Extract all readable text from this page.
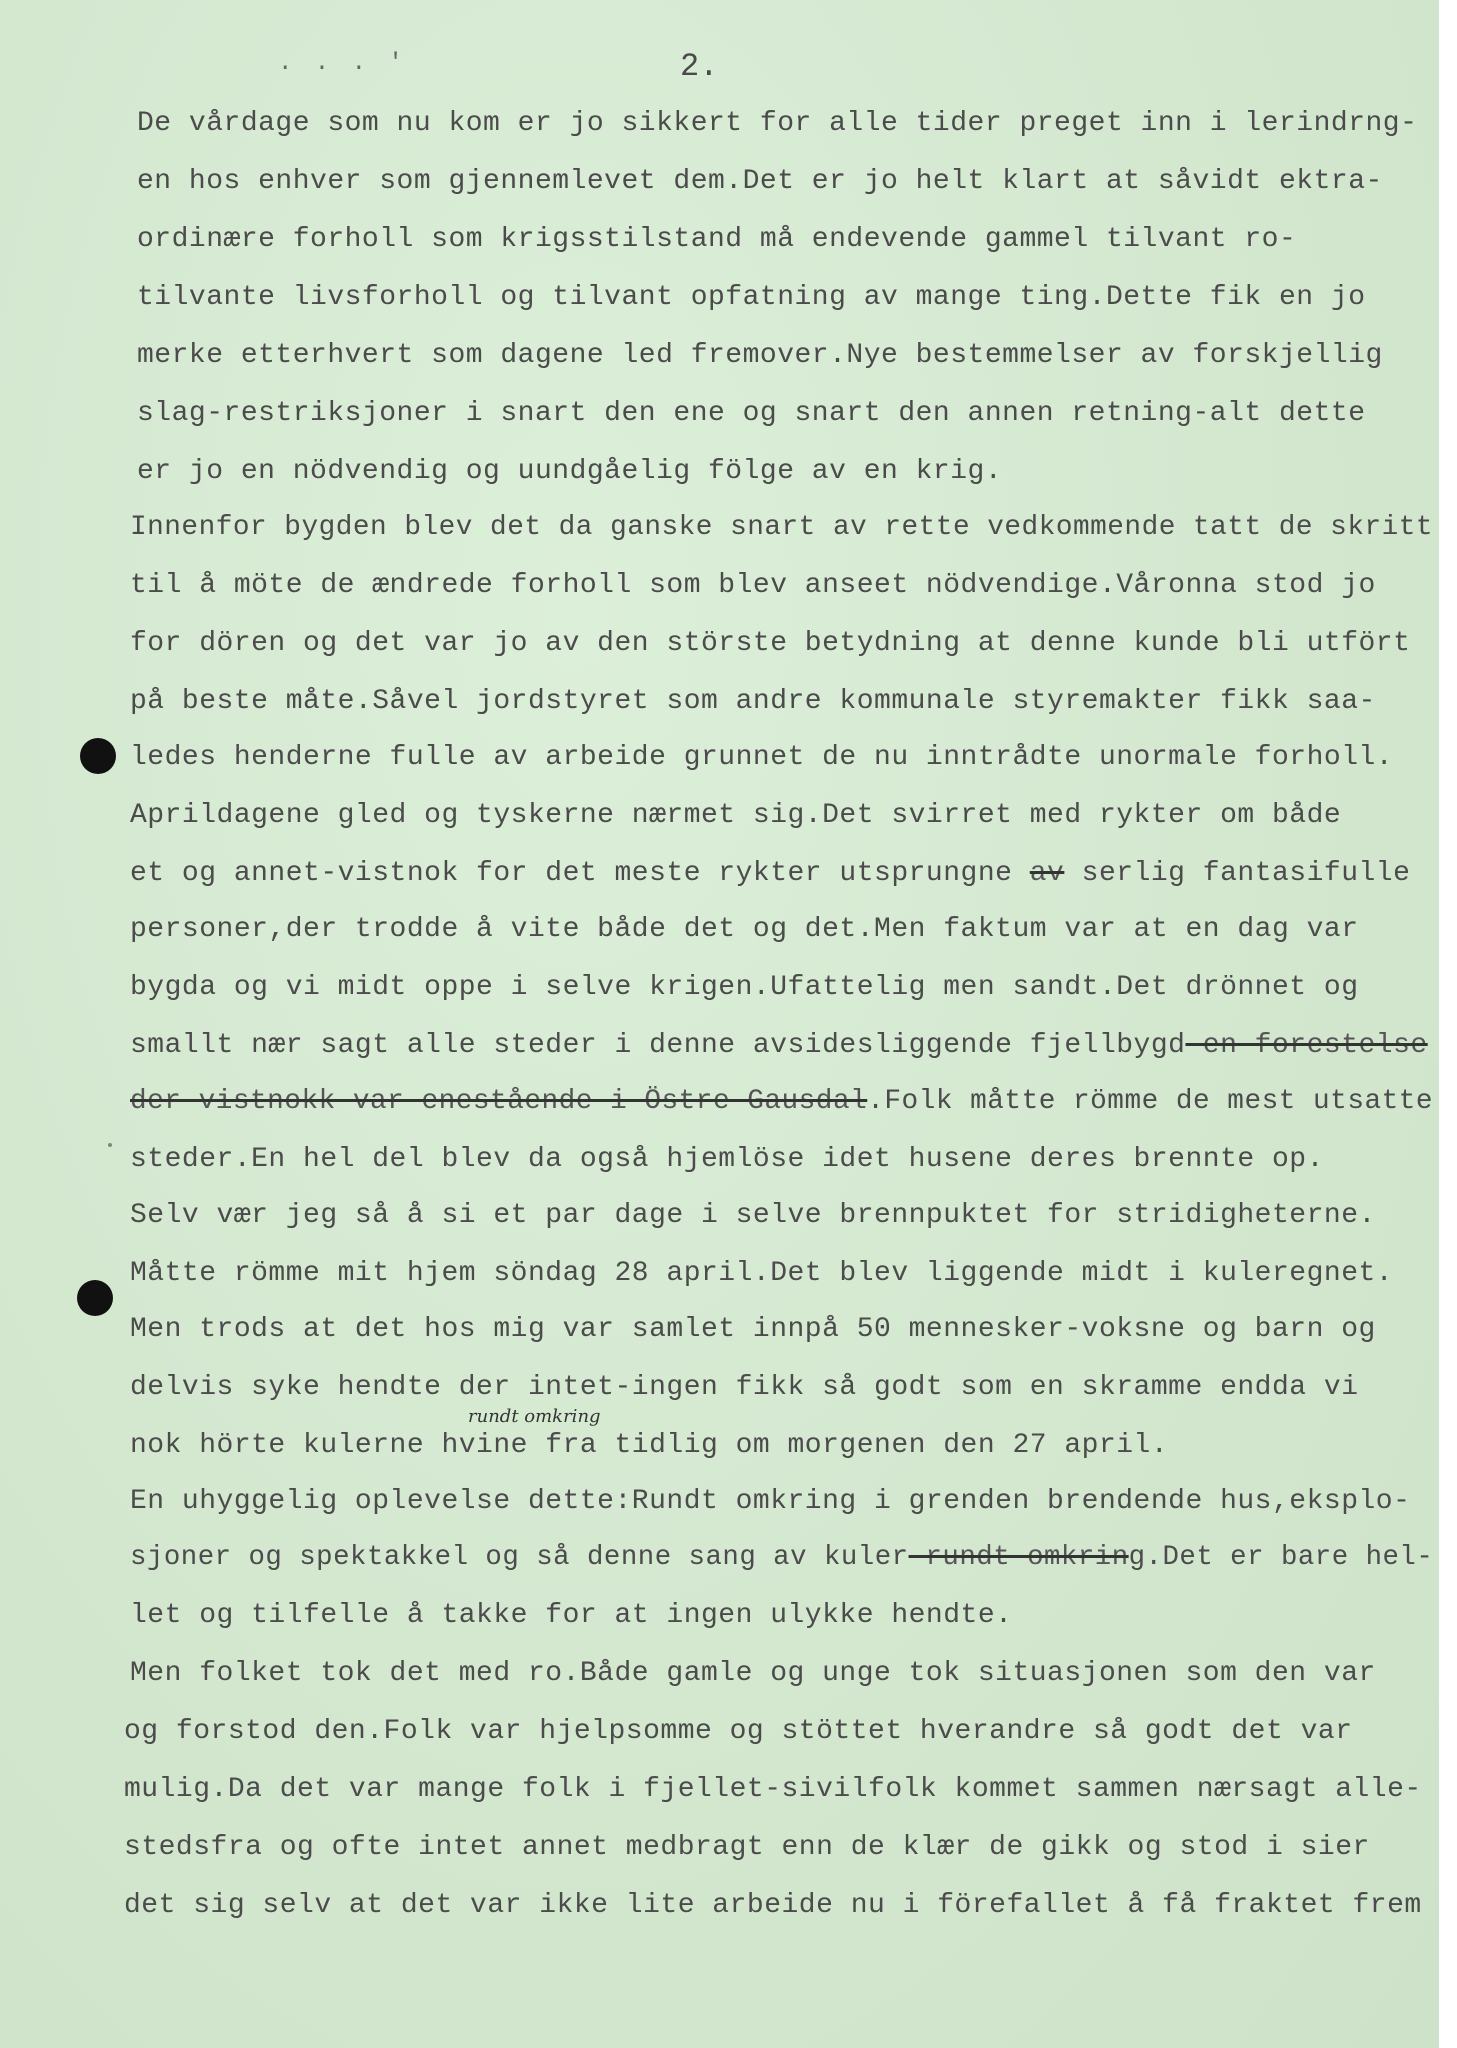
. . . '	2.
De vårdage som nu kom er jo sikkert for alle tider preget inn i lerindrng-
en hos enhver som gjennemlevet dem.Det er jo helt klart at såvidt ektra-
ordinære forholl som krigsstilstand må endevende gammel tilvant ro-
tilvante livsforholl og tilvant opfatning av mange ting.Dette fik en jo
merke etterhvert som dagene led fremover.Nye bestemmelser av forskjellig
slag-restriksjoner i snart den ene og snart den annen retning-alt dette
er jo en nödvendig og uundgåelig fölge av en krig.
Innenfor bygden blev det da ganske snart av rette vedkommende tatt de skritt
til å möte de ændrede forholl som blev anseet nödvendige.Våronna stod jo
for dören og det var jo av den störste betydning at denne kunde bli utfört
på beste måte.Såvel jordstyret som andre kommunale styremakter fikk saa-
ledes henderne fulle av arbeide grunnet de nu inntrådte unormale forholl.
Aprildagene gled og tyskerne nærmet sig.Det svirret med rykter om både
et og annet-vistnok for det meste rykter utsprungne av serlig fantasifulle
personer,der trodde å vite både det og det.Men faktum var at en dag var
bygda og vi midt oppe i selve krigen.Ufattelig men sandt.Det drönnet og
smallt nær sagt alle steder i denne avsidesliggende fjellbygd-en forestelse
der-vistnokk var enestående i Östre Gausdal.Folk måtte römme de mest utsatte
steder.En hel del blev da også hjemlöse idet husene deres brennte op.
Selv vær jeg så å si et par dage i selve brennpuktet for stridigheterne.
Måtte römme mit hjem söndag 28 april.Det blev liggende midt i kuleregnet.
Men trods at det hos mig var samlet innpå 50 mennesker-voksne og barn og
delvis syke hendte der intet-ingen fikk så godt som en skramme endda vi
rundt omkring
nok hörte kulerne hvine fra tidlig om morgenen den 27 april.
En uhyggelig oplevelse dette:Rundt omkring i grenden brendende hus,eksplo-
sjoner og spektakkel og så denne sang av kuler rundt omkring.Det er bare hel-
let og tilfelle å takke for at ingen ulykke hendte.
Men folket tok det med ro.Både gamle og unge tok situasjonen som den var
og forstod den.Folk var hjelpsomme og stöttet hverandre så godt det var
mulig.Da det var mange folk i fjellet-sivilfolk kommet sammen nærsagt alle-
stedsfra og ofte intet annet medbragt enn de klær de gikk og stod i sier
det sig selv at det var ikke lite arbeide nu i förefallet å få fraktet frem
